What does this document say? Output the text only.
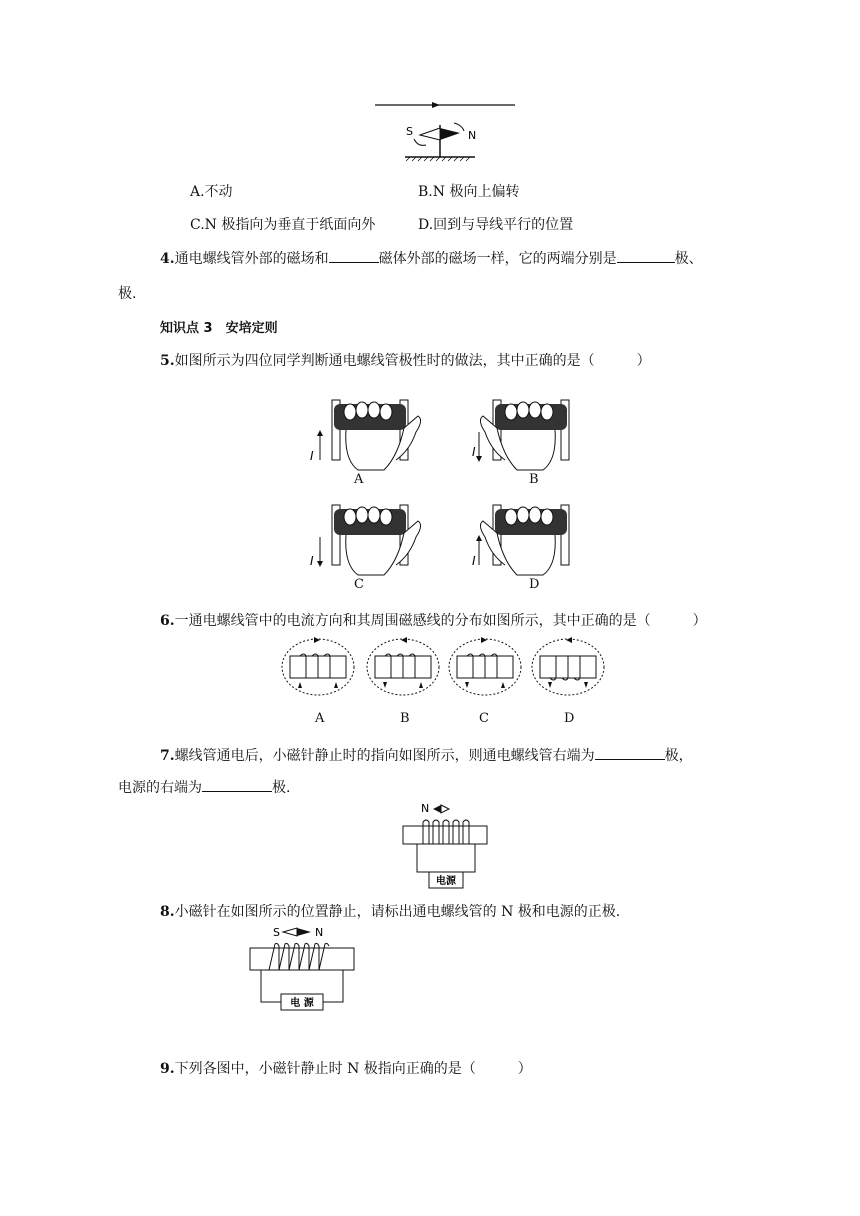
S	N
A.不动	B.N 极向上偏转
C.N 极指向为垂直于纸面向外	D.回到与导线平行的位置
4.通电螺线管外部的磁场和	磁体外部的磁场一样，它的两端分别是	极、
极.
知识点 3　安培定则
5.如图所示为四位同学判断通电螺线管极性时的做法，其中正确的是（　　　）
I	I
I	I
A	B
C	D
6.一通电螺线管中的电流方向和其周围磁感线的分布如图所示，其中正确的是（　　　）
A	B	C	D
7.螺线管通电后，小磁针静止时的指向如图所示，则通电螺线管右端为	极，
电源的右端为	极.
N
电源
8.小磁针在如图所示的位置静止，请标出通电螺线管的 N 极和电源的正极.
S	N
电 源
9.下列各图中，小磁针静止时 N 极指向正确的是（　　　）
